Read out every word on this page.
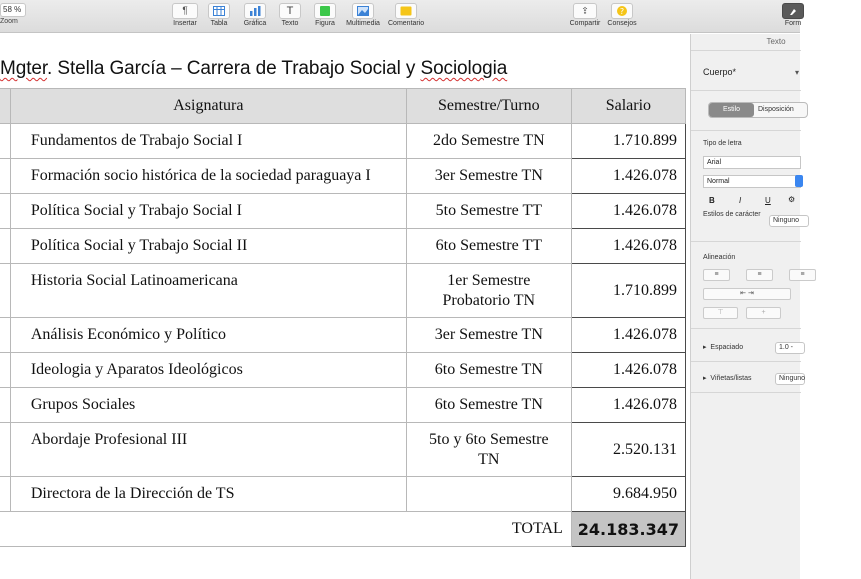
58 %
Zoom
¶
Insertar	Tabla	Gráfica
T
Texto	Figura	Multimedia Comentario
⇪
Compartir
?
Consejos	Form
Mgter. Stella García – Carrera de Trabajo Social y Sociologia
	Asignatura	Semestre/Turno	Salario
	Fundamentos de Trabajo Social I	2do Semestre TN	1.710.899
	Formación socio histórica de la sociedad paraguaya I	3er Semestre TN	1.426.078
	Política Social y Trabajo Social I	5to Semestre TT	1.426.078
	Política Social y Trabajo Social II	6to Semestre TT	1.426.078
	Historia Social Latinoamericana	1er Semestre Probatorio TN	1.710.899
	Análisis Económico y Político	3er Semestre TN	1.426.078
	Ideologia y Aparatos Ideológicos	6to Semestre TN	1.426.078
	Grupos Sociales	6to Semestre TN	1.426.078
	Abordaje Profesional III	5to y 6to Semestre TN	2.520.131
	Directora de la Dirección de TS		9.684.950
TOTAL			24.183.347
Texto
Cuerpo*	▾
Estilo	Disposición
Tipo de letra
Arial
Normal
B	I	U ⚙
Estilos de carácter
Ninguno
Alineación
≡	≡	≡
⇤ ⇥
⊤	+
▸  Espaciado	1.0 -
▸  Viñetas/listas	Ninguno
